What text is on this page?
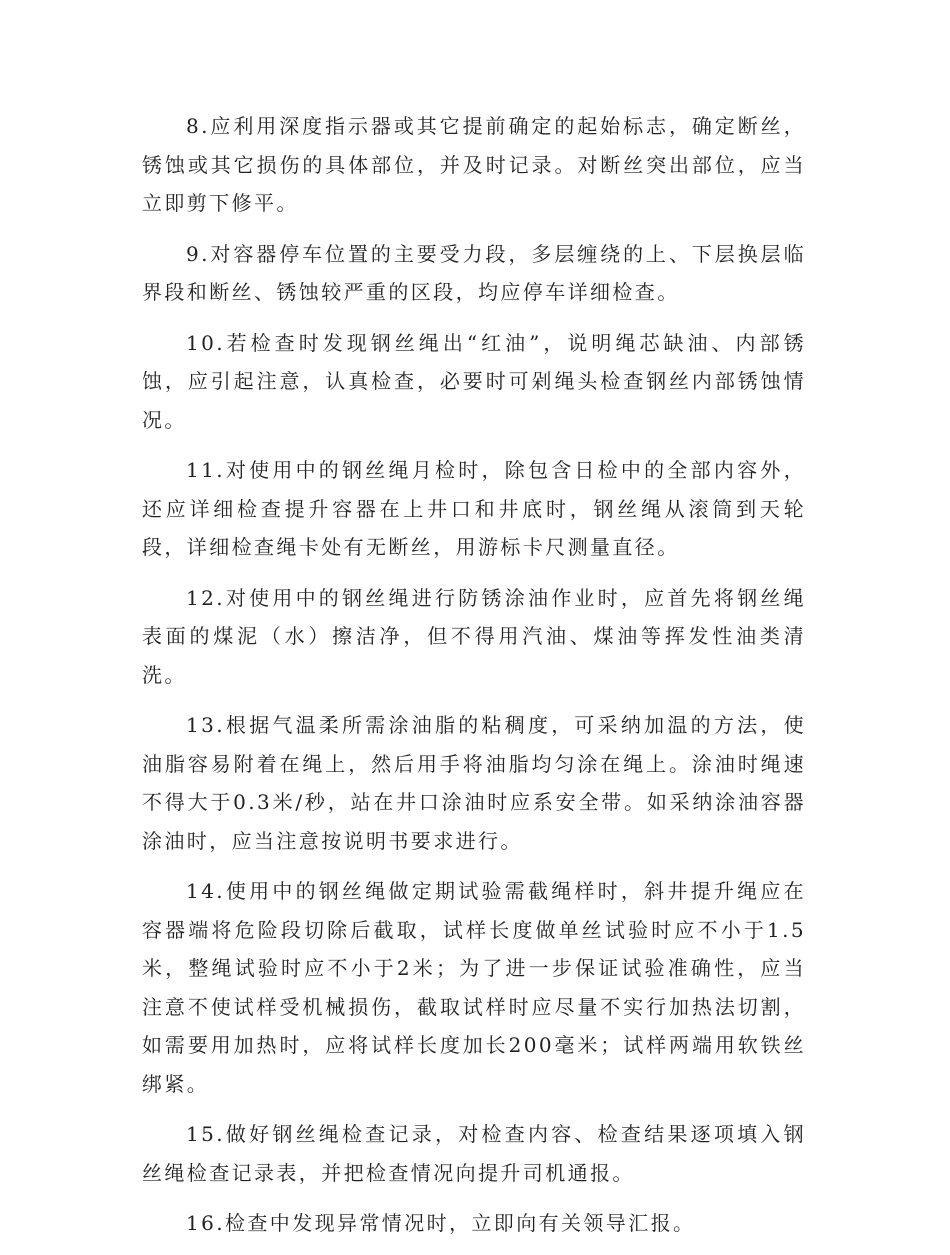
8.应利用深度指示器或其它提前确定的起始标志，确定断丝，锈蚀或其它损伤的具体部位，并及时记录。对断丝突出部位，应当立即剪下修平。

9.对容器停车位置的主要受力段，多层缠绕的上、下层换层临界段和断丝、锈蚀较严重的区段，均应停车详细检查。

10.若检查时发现钢丝绳出“红油”，说明绳芯缺油、内部锈蚀，应引起注意，认真检查，必要时可剁绳头检查钢丝内部锈蚀情况。

11.对使用中的钢丝绳月检时，除包含日检中的全部内容外，还应详细检查提升容器在上井口和井底时，钢丝绳从滚筒到天轮段，详细检查绳卡处有无断丝，用游标卡尺测量直径。

12.对使用中的钢丝绳进行防锈涂油作业时，应首先将钢丝绳表面的煤泥（水）擦洁净，但不得用汽油、煤油等挥发性油类清洗。

13.根据气温柔所需涂油脂的粘稠度，可采纳加温的方法，使油脂容易附着在绳上，然后用手将油脂均匀涂在绳上。涂油时绳速不得大于0.3米/秒，站在井口涂油时应系安全带。如采纳涂油容器涂油时，应当注意按说明书要求进行。

14.使用中的钢丝绳做定期试验需截绳样时，斜井提升绳应在容器端将危险段切除后截取，试样长度做单丝试验时应不小于1.5米，整绳试验时应不小于2米；为了进一步保证试验准确性，应当注意不使试样受机械损伤，截取试样时应尽量不实行加热法切割，如需要用加热时，应将试样长度加长200毫米；试样两端用软铁丝绑紧。

15.做好钢丝绳检查记录，对检查内容、检查结果逐项填入钢丝绳检查记录表，并把检查情况向提升司机通报。

16.检查中发现异常情况时，立即向有关领导汇报。
